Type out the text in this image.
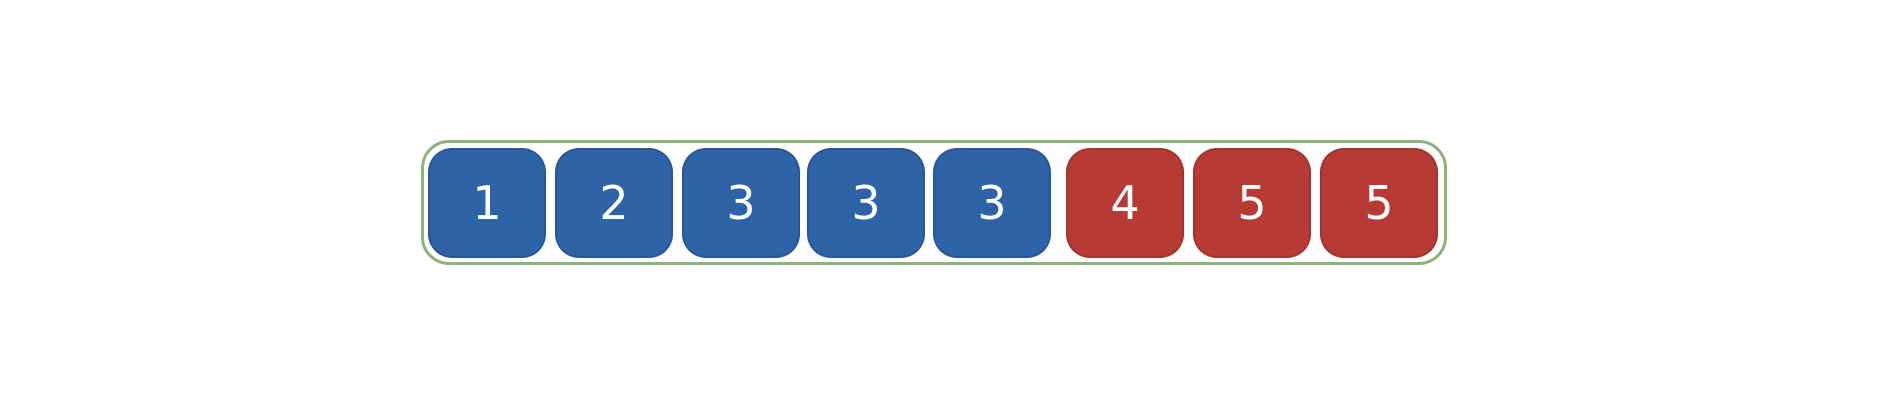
1 2 3 3 3 4 5 5
